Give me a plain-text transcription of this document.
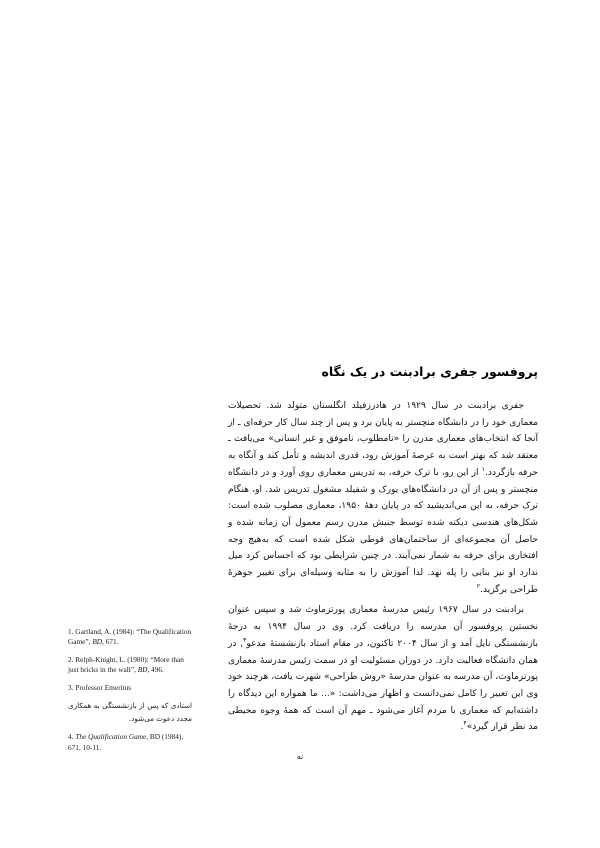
پروفسور جفری برادبنت در یک نگاه

جفری برادبنت در سال ۱۹۲۹ در هادرزفیلد انگلستان متولد شد. تحصیلات معماری خود را در دانشگاه منچستر به پایان برد و پس از چند سال کار حرفه‌ای ـ از آنجا که انتخاب‌های معماری مدرن را «نامطلوب، ناموفق و غیر انسانی» می‌یافت ـ معتقد شد که بهتر است به عرصهٔ آموزش رود، قدری اندیشه و تأمل کند و آنگاه به حرفه بازگردد.$^۱$ از این رو، با ترک حرفه، به تدریس معماری روی آورد و در دانشگاه منچستر و پس از آن در دانشگاه‌های یورک و شفیلد مشغول تدریس شد. او، هنگام ترک حرفه، به این می‌اندیشید که در پایان دههٔ ۱۹۵۰، معماری مصلوب شده است: شکل‌های هندسی دیکته شده توسط جنبش مدرن رسم معمول آن زمانه شده و حاصل آن مجموعه‌ای از ساختمان‌های قوطی شکل شده است که به‌هیچ وجه افتخاری برای حرفه به شمار نمی‌آیند. در چنین شرایطی بود که احساس کرد میل ندارد او نیز بنایی را پله نهد. لذا آموزش را به مثابه وسیله‌ای برای تغییر جوهرهٔ طراحی برگزید.$^۲$

برادبنت در سال ۱۹۶۷ رئیس مدرسهٔ معماری پورتزماوث شد و سپس عنوان نخستین پروفسور آن مدرسه را دریافت کرد. وی در سال ۱۹۹۴ به درجهٔ بازنشستگی نایل آمد و از سال ۲۰۰۴ تاکنون، در مقام استاد بازنشستهٔ مدعو$^۳$, در همان دانشگاه فعالیت دارد. در دوران مسئولیت او در سمت رئیس مدرسهٔ معماری پورتزماوث، آن مدرسه به عنوان مدرسهٔ «روش طراحی» شهرت یافت، هرچند خود وی این تعبیر را کامل نمی‌دانست و اظهار می‌داشت: «... ما همواره این دیدگاه را داشته‌ایم که معماری با مردم آغاز می‌شود ـ مهم آن است که همهٔ وجوه محیطی مد نظر قرار گیرد»$^۴$.

1. Gartland, A. (1984): “The Qualification Game”, BD, 671.

2. Relph-Knight, L. (1980): “More than just bricks in the wall”, BD, 496.

3. Professor Emeritus

استادی که پس از بازنشستگی به همکاری مجدد دعوت می‌شود.

4. The Qualification Game, BD (1984), 671, 10-11.

نه
